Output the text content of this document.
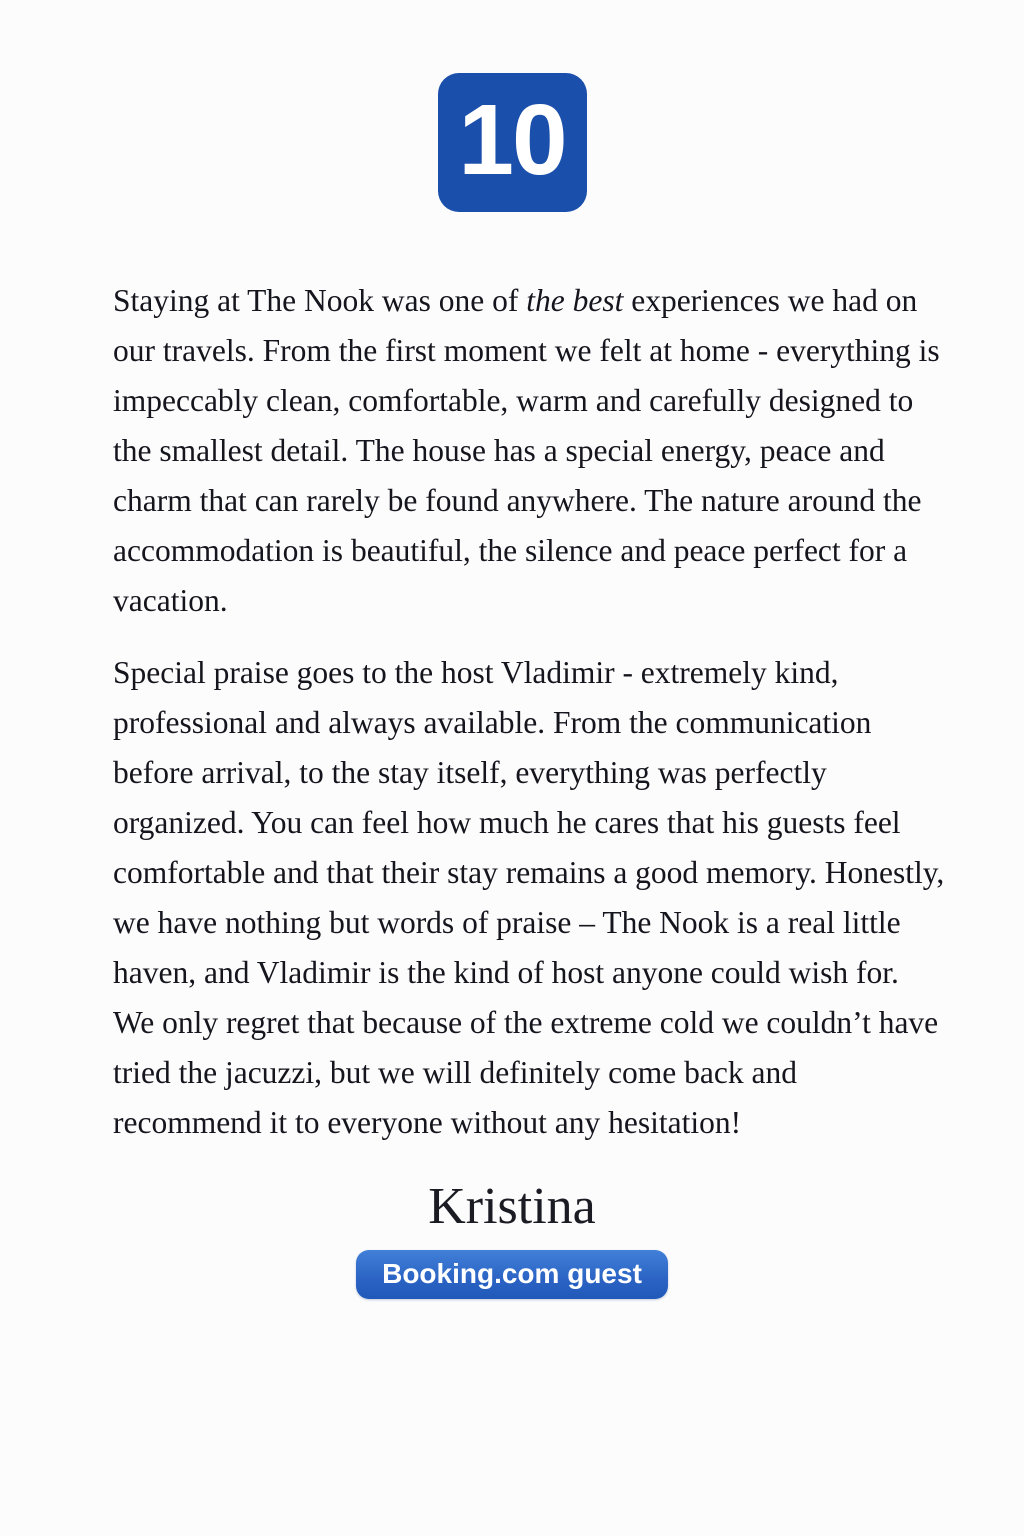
10
Staying at The Nook was one of the best experiences we had on our travels. From the first moment we felt at home - everything is impeccably clean, comfortable, warm and carefully designed to the smallest detail. The house has a special energy, peace and charm that can rarely be found anywhere. The nature around the accommodation is beautiful, the silence and peace perfect for a vacation.
Special praise goes to the host Vladimir - extremely kind, professional and always available. From the communication before arrival, to the stay itself, everything was perfectly organized. You can feel how much he cares that his guests feel comfortable and that their stay remains a good memory. Honestly, we have nothing but words of praise – The Nook is a real little haven, and Vladimir is the kind of host anyone could wish for. We only regret that because of the extreme cold we couldn’t have tried the jacuzzi, but we will definitely come back and recommend it to everyone without any hesitation!
Kristina
Booking.com guest
